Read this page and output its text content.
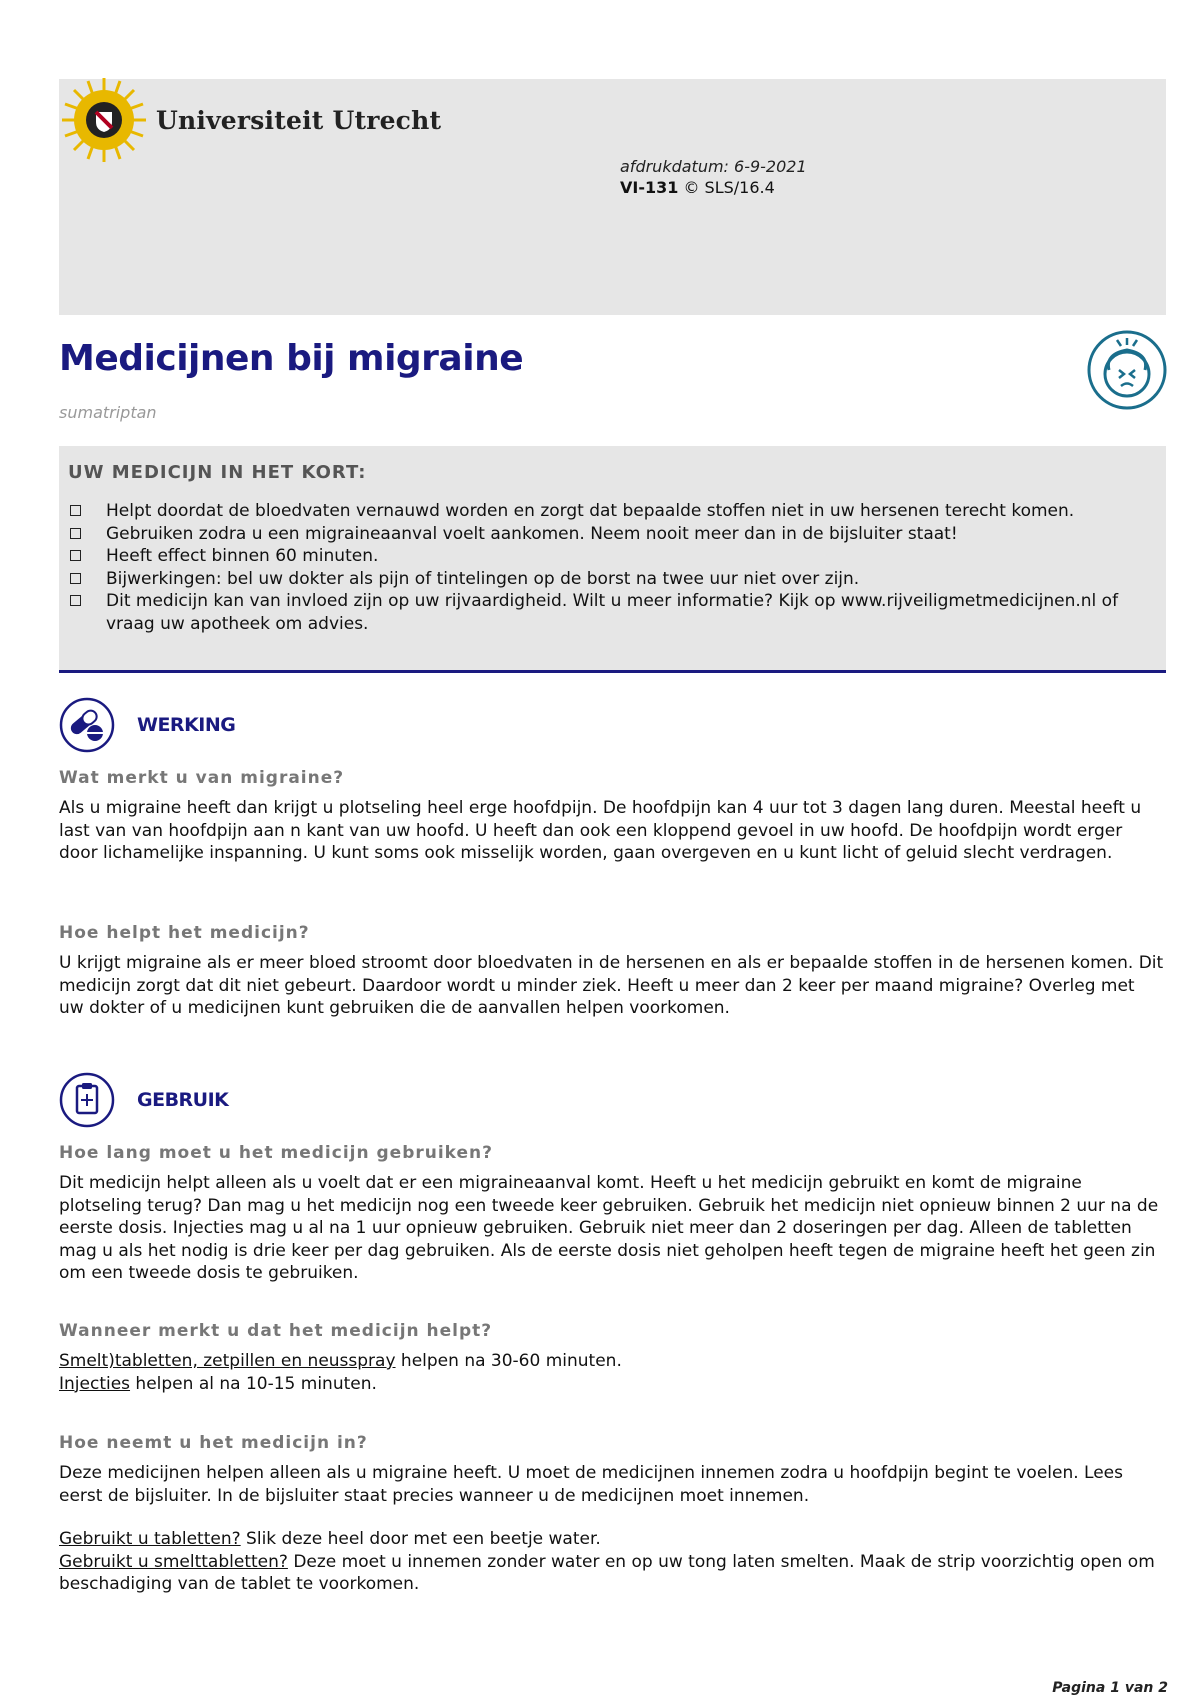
Universiteit Utrecht
afdrukdatum: 6-9-2021
VI-131 © SLS/16.4
Medicijnen bij migraine

sumatriptan

UW MEDICIJN IN HET KORT:
Helpt doordat de bloedvaten vernauwd worden en zorgt dat bepaalde stoffen niet in uw hersenen terecht komen.
Gebruiken zodra u een migraineaanval voelt aankomen. Neem nooit meer dan in de bijsluiter staat!
Heeft effect binnen 60 minuten.
Bijwerkingen: bel uw dokter als pijn of tintelingen op de borst na twee uur niet over zijn.
Dit medicijn kan van invloed zijn op uw rijvaardigheid. Wilt u meer informatie? Kijk op www.rijveiligmetmedicijnen.nl of vraag uw apotheek om advies.
WERKING
Wat merkt u van migraine?

Als u migraine heeft dan krijgt u plotseling heel erge hoofdpijn. De hoofdpijn kan 4 uur tot 3 dagen lang duren. Meestal heeft u last van van hoofdpijn aan n kant van uw hoofd. U heeft dan ook een kloppend gevoel in uw hoofd. De hoofdpijn wordt erger door lichamelijke inspanning. U kunt soms ook misselijk worden, gaan overgeven en u kunt licht of geluid slecht verdragen.

Hoe helpt het medicijn?

U krijgt migraine als er meer bloed stroomt door bloedvaten in de hersenen en als er bepaalde stoffen in de hersenen komen. Dit medicijn zorgt dat dit niet gebeurt. Daardoor wordt u minder ziek. Heeft u meer dan 2 keer per maand migraine? Overleg met uw dokter of u medicijnen kunt gebruiken die de aanvallen helpen voorkomen.

GEBRUIK
Hoe lang moet u het medicijn gebruiken?

Dit medicijn helpt alleen als u voelt dat er een migraineaanval komt. Heeft u het medicijn gebruikt en komt de migraine plotseling terug? Dan mag u het medicijn nog een tweede keer gebruiken. Gebruik het medicijn niet opnieuw binnen 2 uur na de eerste dosis. Injecties mag u al na 1 uur opnieuw gebruiken. Gebruik niet meer dan 2 doseringen per dag. Alleen de tabletten mag u als het nodig is drie keer per dag gebruiken. Als de eerste dosis niet geholpen heeft tegen de migraine heeft het geen zin om een tweede dosis te gebruiken.

Wanneer merkt u dat het medicijn helpt?

Smelt)tabletten, zetpillen en neusspray helpen na 30-60 minuten.
Injecties helpen al na 10-15 minuten.

Hoe neemt u het medicijn in?

Deze medicijnen helpen alleen als u migraine heeft. U moet de medicijnen innemen zodra u hoofdpijn begint te voelen. Lees eerst de bijsluiter. In de bijsluiter staat precies wanneer u de medicijnen moet innemen.

Gebruikt u tabletten? Slik deze heel door met een beetje water.
Gebruikt u smelttabletten? Deze moet u innemen zonder water en op uw tong laten smelten. Maak de strip voorzichtig open om beschadiging van de tablet te voorkomen.

Pagina 1 van 2
